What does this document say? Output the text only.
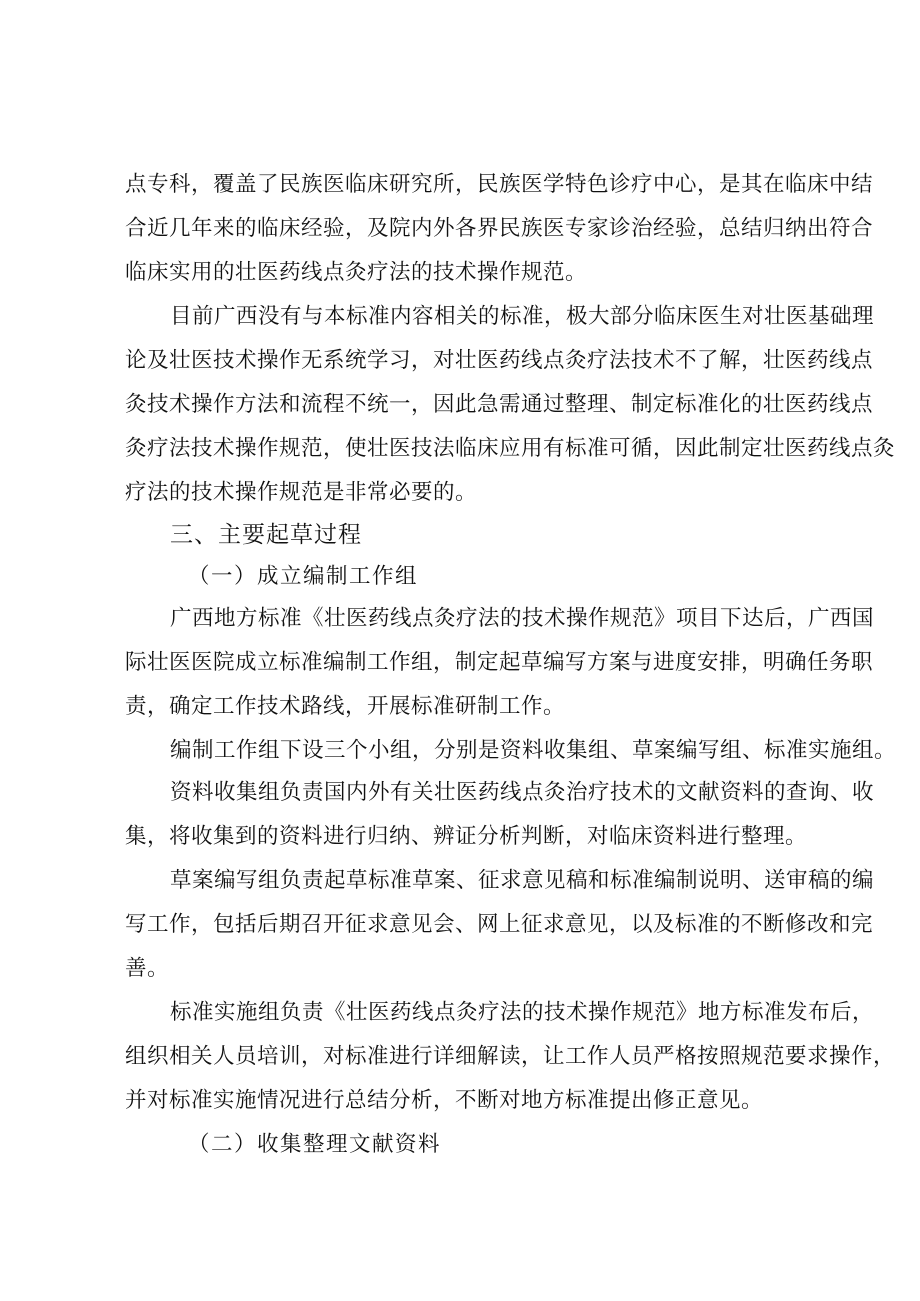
点专科，覆盖了民族医临床研究所，民族医学特色诊疗中心，是其在临床中结
合近几年来的临床经验，及院内外各界民族医专家诊治经验，总结归纳出符合
临床实用的壮医药线点灸疗法的技术操作规范。
目前广西没有与本标准内容相关的标准，极大部分临床医生对壮医基础理
论及壮医技术操作无系统学习，对壮医药线点灸疗法技术不了解，壮医药线点
灸技术操作方法和流程不统一，因此急需通过整理、制定标准化的壮医药线点
灸疗法技术操作规范，使壮医技法临床应用有标准可循，因此制定壮医药线点灸
疗法的技术操作规范是非常必要的。
三、主要起草过程
（一）成立编制工作组
广西地方标准《壮医药线点灸疗法的技术操作规范》项目下达后，广西国
际壮医医院成立标准编制工作组，制定起草编写方案与进度安排，明确任务职
责，确定工作技术路线，开展标准研制工作。
编制工作组下设三个小组，分别是资料收集组、草案编写组、标准实施组。
资料收集组负责国内外有关壮医药线点灸治疗技术的文献资料的查询、收
集，将收集到的资料进行归纳、辨证分析判断，对临床资料进行整理。
草案编写组负责起草标准草案、征求意见稿和标准编制说明、送审稿的编
写工作，包括后期召开征求意见会、网上征求意见，以及标准的不断修改和完
善。
标准实施组负责《壮医药线点灸疗法的技术操作规范》地方标准发布后，
组织相关人员培训，对标准进行详细解读，让工作人员严格按照规范要求操作，
并对标准实施情况进行总结分析，不断对地方标准提出修正意见。
（二）收集整理文献资料
